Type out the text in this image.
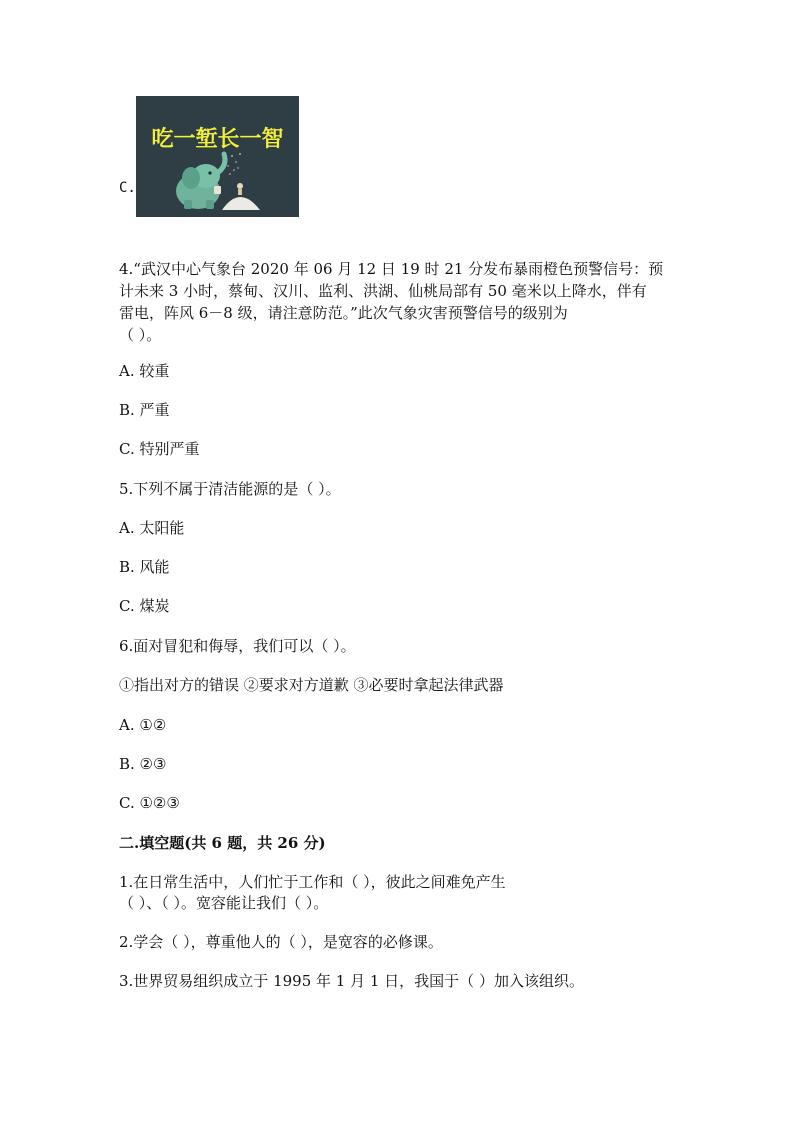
C.
吃一堑长一智
4.“武汉中心气象台 2020 年 06 月 12 日 19 时 21 分发布暴雨橙色预警信号：预
计未来 3 小时，蔡甸、汉川、监利、洪湖、仙桃局部有 50 毫米以上降水，伴有
雷电，阵风 6－8 级，请注意防范。”此次气象灾害预警信号的级别为
（ ）。
A. 较重
B. 严重
C. 特别严重
5.下列不属于清洁能源的是（ ）。
A. 太阳能
B. 风能
C. 煤炭
6.面对冒犯和侮辱，我们可以（ ）。
①指出对方的错误 ②要求对方道歉 ③必要时拿起法律武器
A. ①②
B. ②③
C. ①②③
二.填空题(共 6 题，共 26 分)
1.在日常生活中，人们忙于工作和（ ），彼此之间难免产生
（ ）、（ ）。宽容能让我们（ ）。
2.学会（ ），尊重他人的（ ），是宽容的必修课。
3.世界贸易组织成立于 1995 年 1 月 1 日，我国于（ ）加入该组织。
